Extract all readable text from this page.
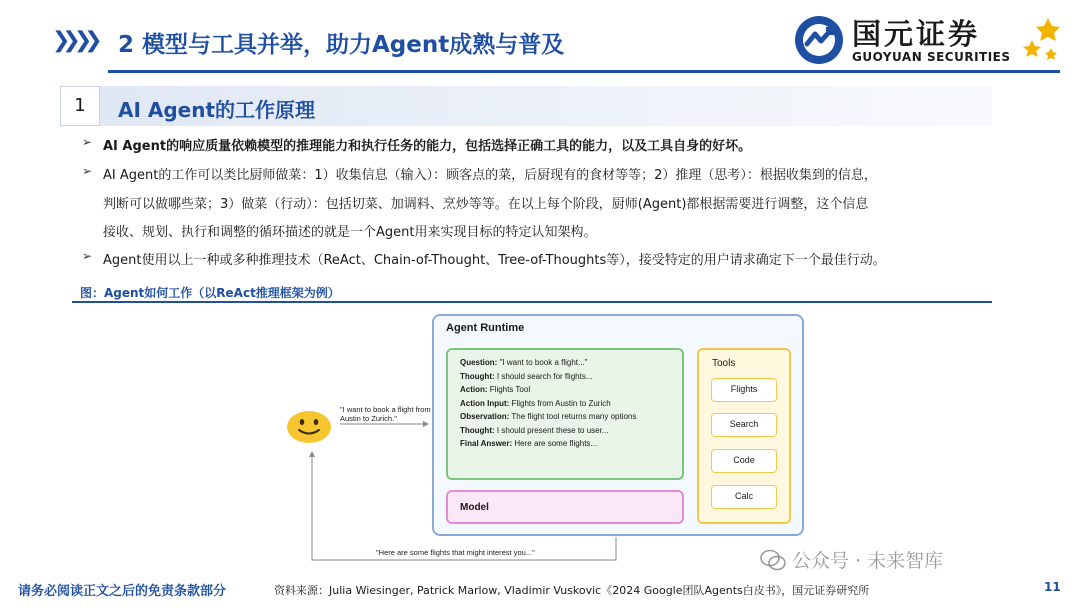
❯❯ ❯❯ 2 模型与工具并举，助力Agent成熟与普及	国元证券
GUOYUAN SECURITIES
1	AI Agent的工作原理
➢ AI Agent的响应质量依赖模型的推理能力和执行任务的能力，包括选择正确工具的能力，以及工具自身的好坏。
➢ AI Agent的工作可以类比厨师做菜：1）收集信息（输入）：顾客点的菜，后厨现有的食材等等；2）推理（思考）：根据收集到的信息，
判断可以做哪些菜；3）做菜（行动）：包括切菜、加调料、烹炒等等。在以上每个阶段，厨师(Agent)都根据需要进行调整，这个信息
接收、规划、执行和调整的循环描述的就是一个Agent用来实现目标的特定认知架构。
➢ Agent使用以上一种或多种推理技术（ReAct、Chain-of-Thought、Tree-of-Thoughts等），接受特定的用户请求确定下一个最佳行动。
图：Agent如何工作（以ReAct推理框架为例）
"I want to book a flight from Austin to Zurich."
Agent Runtime
Question: "I want to book a flight..."
Thought: I should search for flights...
Action: Flights Tool
Action Input: Flights from Austin to Zurich
Observation: The flight tool returns many options
Thought: I should present these to user...
Final Answer: Here are some flights...
Model
Tools
Flights
Search
Code
Calc
"Here are some flights that might interest you..."	公众号 · 未来智库
请务必阅读正文之后的免责条款部分	资料来源：Julia Wiesinger, Patrick Marlow, Vladimir Vuskovic《2024 Google团队Agents白皮书》，国元证券研究所	11
